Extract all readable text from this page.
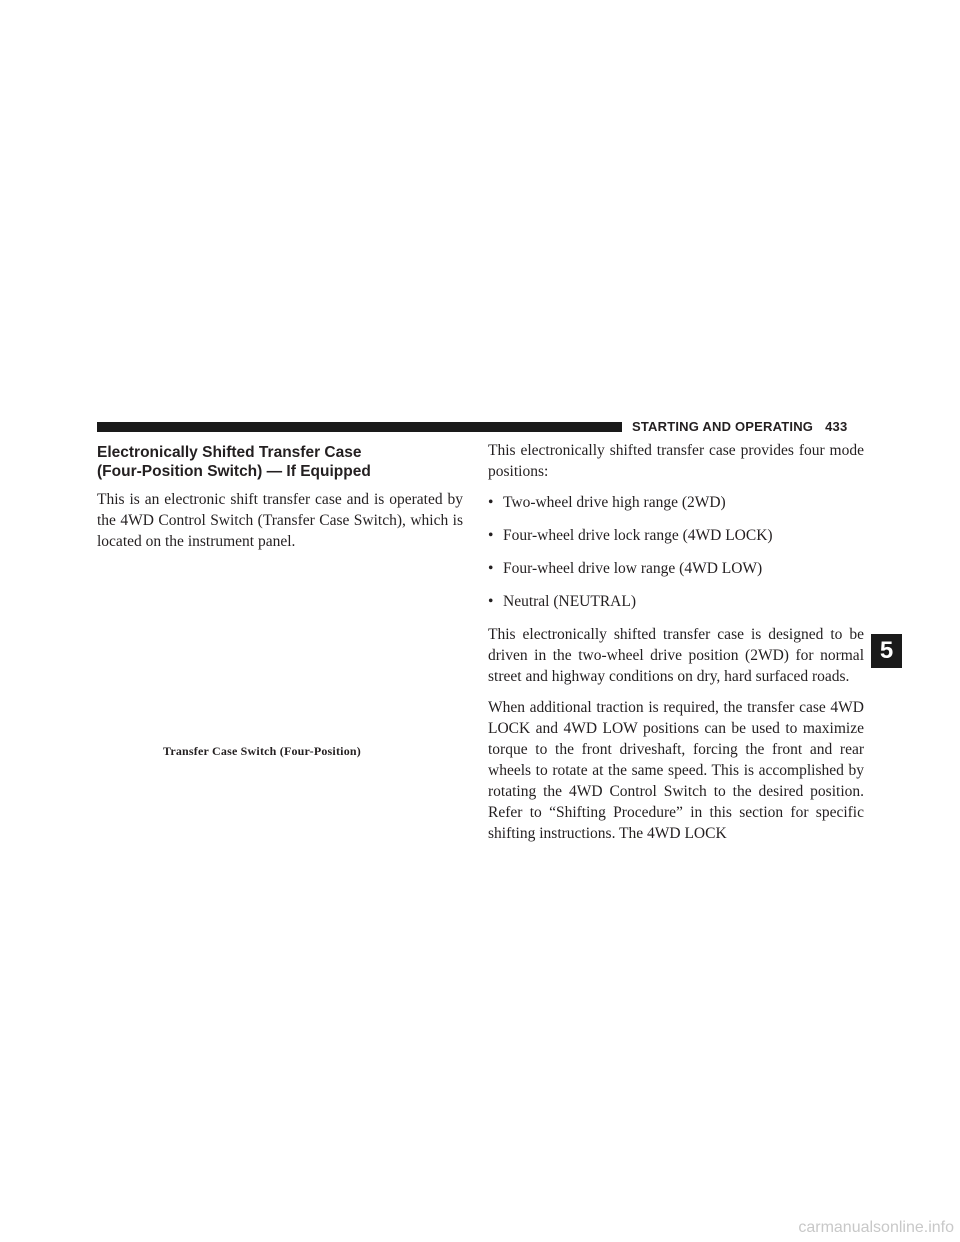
STARTING AND OPERATING 433
Electronically Shifted Transfer Case
(Four-Position Switch) — If Equipped
This is an electronic shift transfer case and is operated by the 4WD Control Switch (Transfer Case Switch), which is located on the instrument panel.
Transfer Case Switch (Four-Position)

This electronically shifted transfer case provides four mode positions:

• Two-wheel drive high range (2WD)
• Four-wheel drive lock range (4WD LOCK)
• Four-wheel drive low range (4WD LOW)
• Neutral (NEUTRAL)

This electronically shifted transfer case is designed to be driven in the two-wheel drive position (2WD) for normal street and highway conditions on dry, hard surfaced roads.

When additional traction is required, the transfer case 4WD LOCK and 4WD LOW positions can be used to maximize torque to the front driveshaft, forcing the front and rear wheels to rotate at the same speed. This is accomplished by rotating the 4WD Control Switch to the desired position. Refer to “Shifting Procedure” in this section for specific shifting instructions. The 4WD LOCK

5
carmanualsonline.info
